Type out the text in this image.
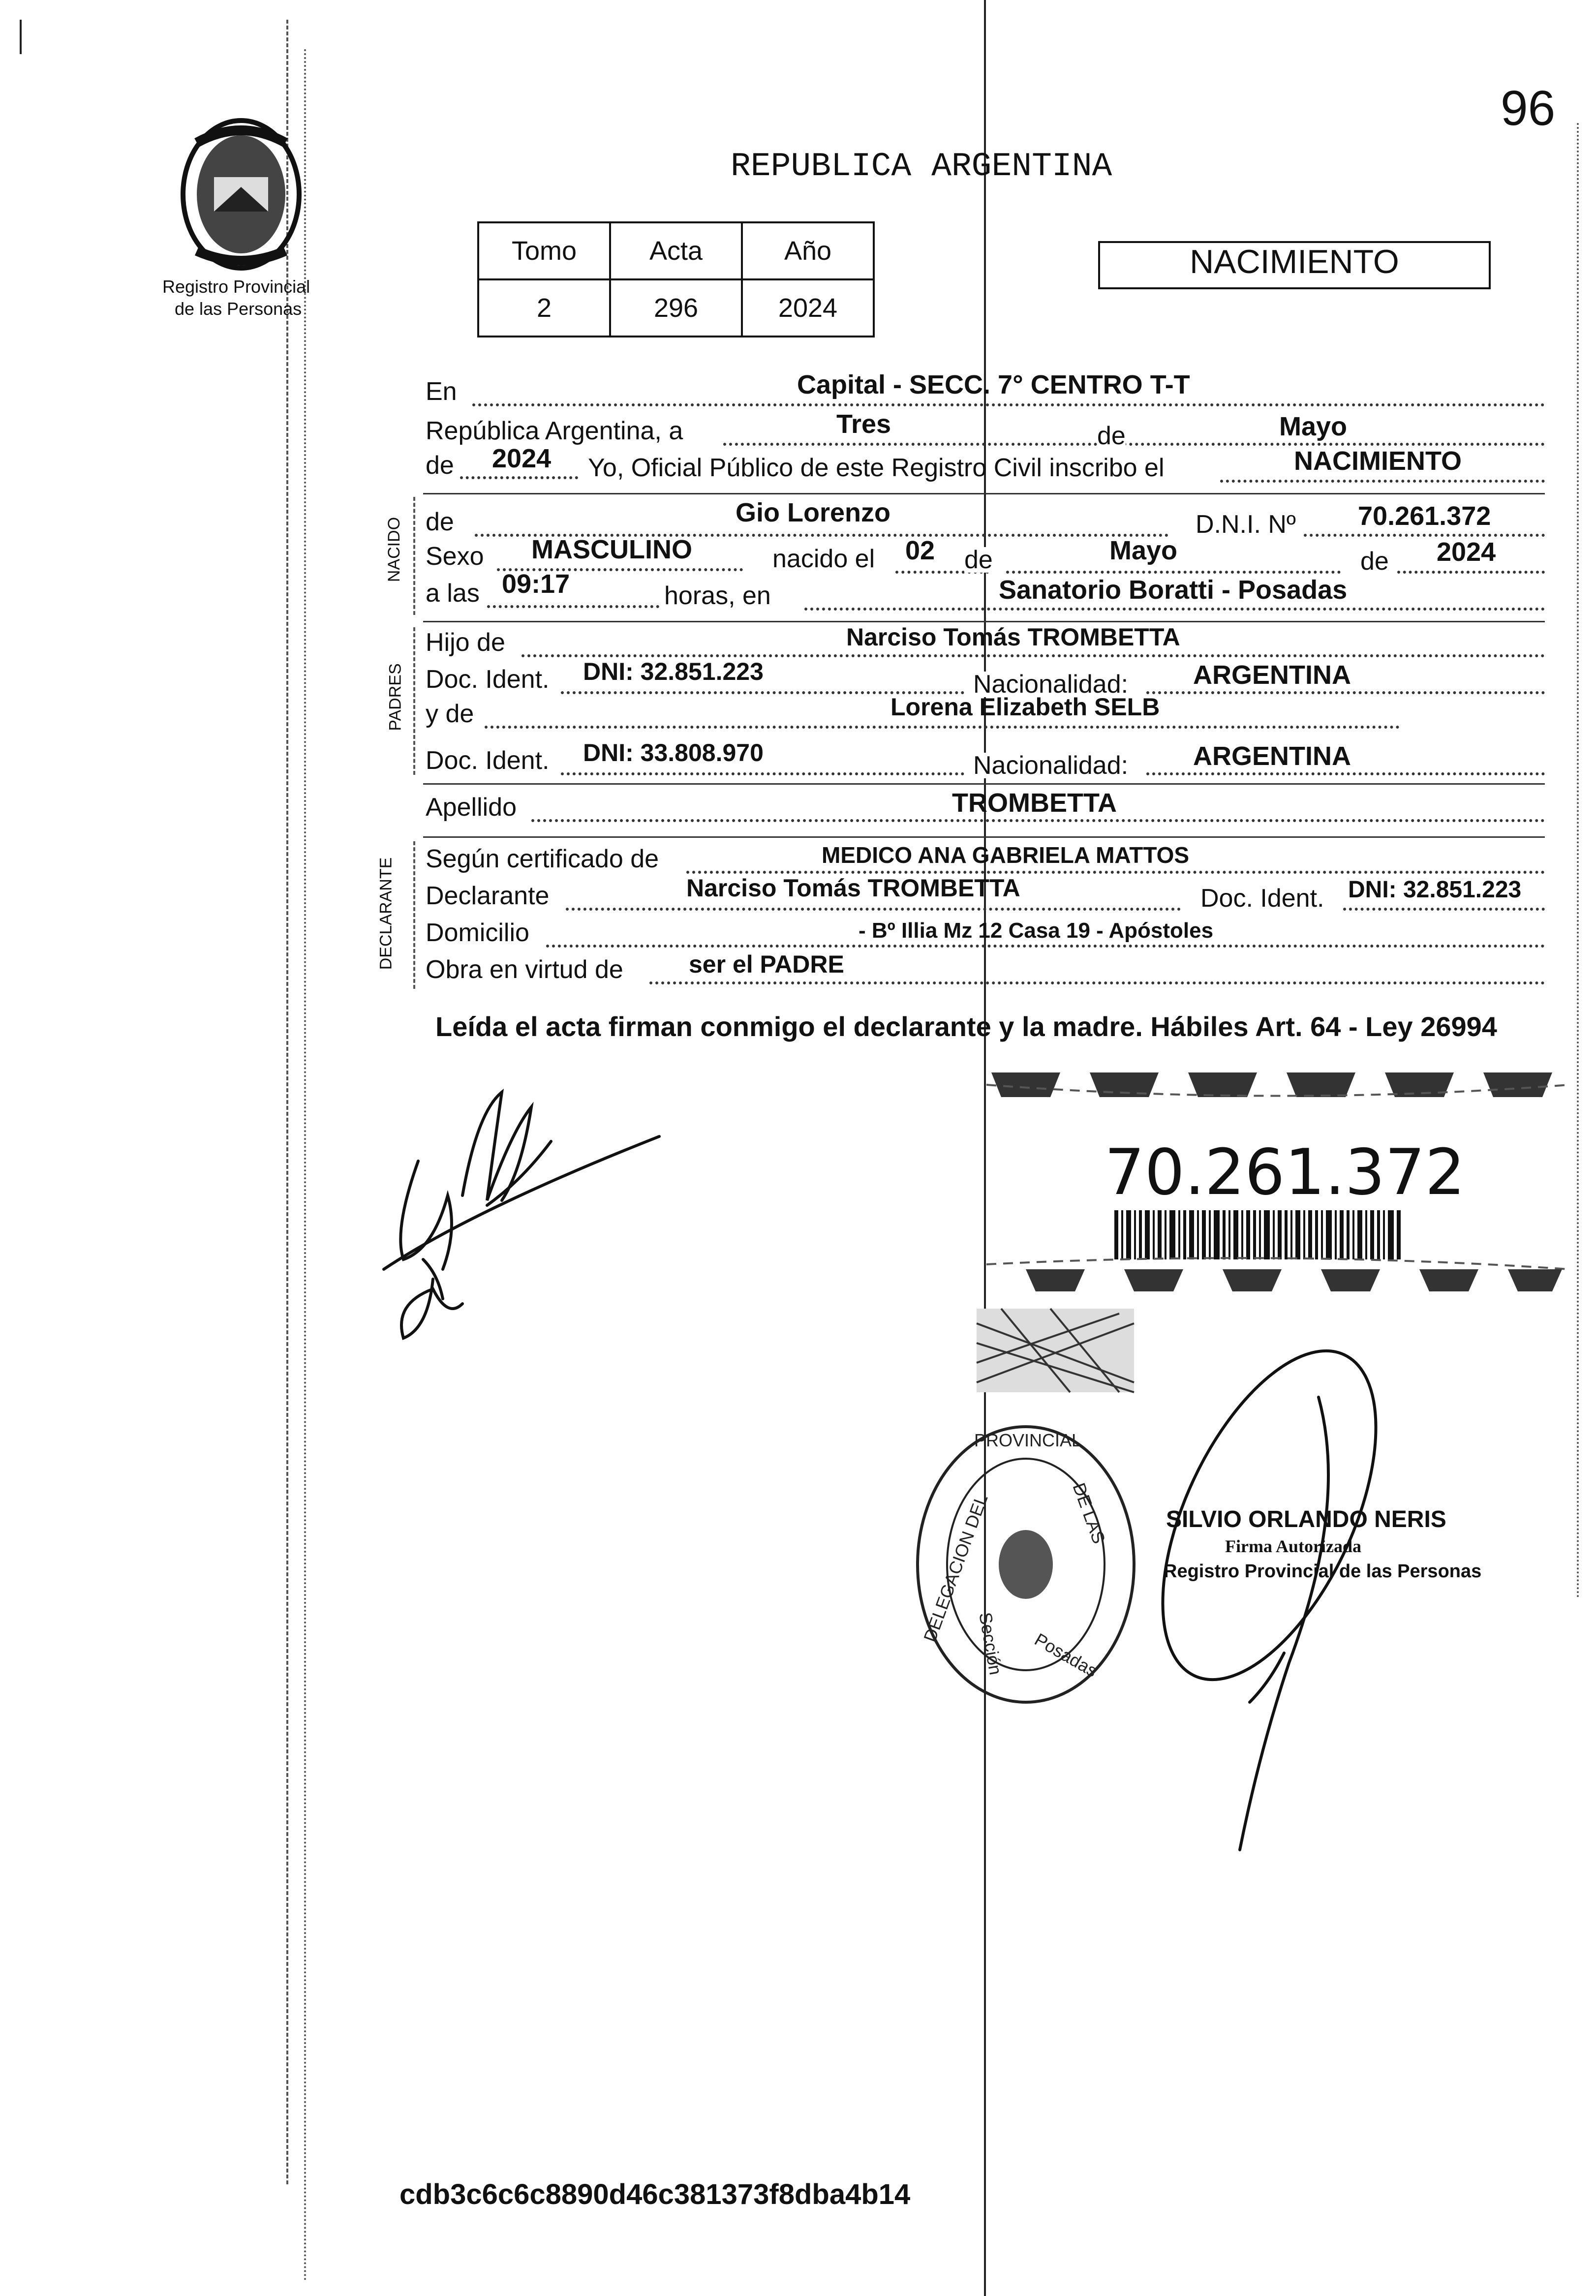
96
Registro Provincial
de las Personas
REPUBLICA ARGENTINA
Tomo	Acta	Año
2	296	2024
NACIMIENTO
NACIDO
PADRES
DECLARANTE
En	Capital - SECC. 7° CENTRO T-T
República Argentina, a	Tres	de	Mayo
de 2024 Yo, Oficial Público de este Registro Civil inscribo el	NACIMIENTO
de	Gio Lorenzo	D.N.I. Nº 70.261.372
Sexo MASCULINO	nacido el 02 de	Mayo	de 2024
a las 09:17	horas, en	Sanatorio Boratti - Posadas
Hijo de	Narciso Tomás TROMBETTA
Doc. Ident. DNI: 32.851.223	Nacionalidad: ARGENTINA
y de	Lorena Elizabeth SELB
Doc. Ident. DNI: 33.808.970	Nacionalidad: ARGENTINA
Apellido	TROMBETTA
Según certificado de	MEDICO ANA GABRIELA MATTOS
Declarante	Narciso Tomás TROMBETTA	Doc. Ident. DNI: 32.851.223
Domicilio	- Bº Illia Mz 12 Casa 19 - Apóstoles
Obra en virtud de	ser el PADRE
Leída el acta firman conmigo el declarante y la madre. Hábiles Art. 64 - Ley 26994
70.261.372
PROVINCIAL
Posadas
Sección
DE LAS
DELEGACION DEL	SILVIO ORLANDO NERIS
Firma Autorizada
Registro Provincial de las Personas
cdb3c6c6c8890d46c381373f8dba4b14
